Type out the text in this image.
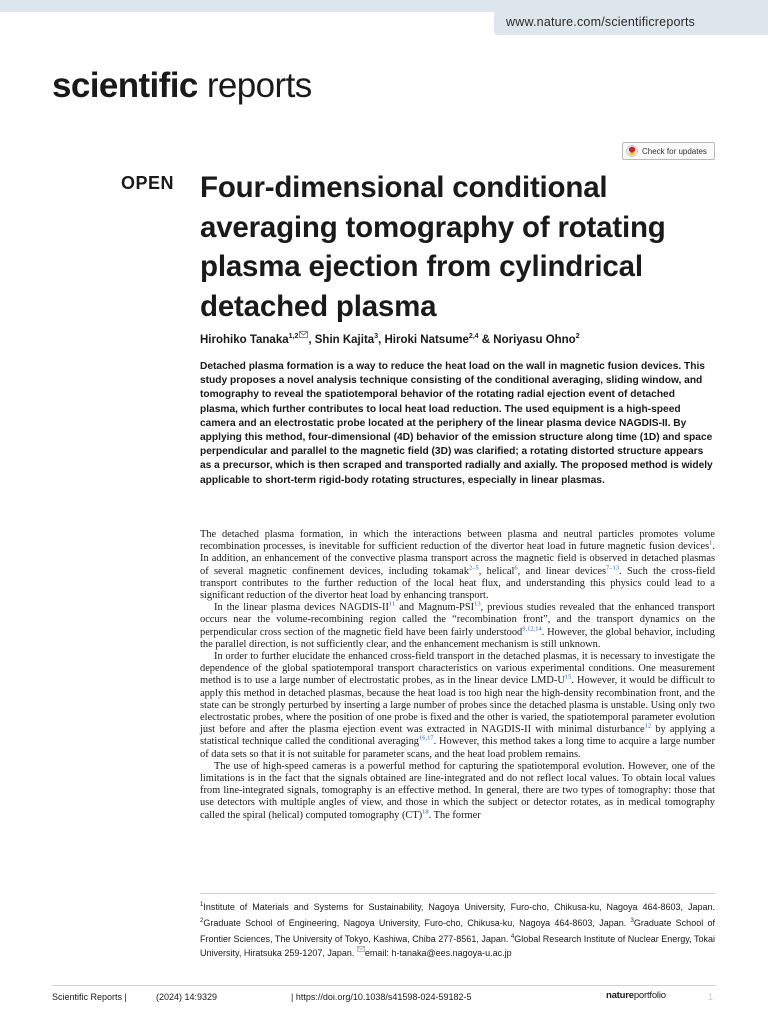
www.nature.com/scientificreports
scientific reports
Check for updates
OPEN Four-dimensional conditional averaging tomography of rotating plasma ejection from cylindrical detached plasma
Hirohiko Tanaka$^{1,2}$ , Shin Kajita$^3$, Hiroki Natsume$^{2,4}$ & Noriyasu Ohno$^2$

Detached plasma formation is a way to reduce the heat load on the wall in magnetic fusion devices. This study proposes a novel analysis technique consisting of the conditional averaging, sliding window, and tomography to reveal the spatiotemporal behavior of the rotating radial ejection event of detached plasma, which further contributes to local heat load reduction. The used equipment is a high-speed camera and an electrostatic probe located at the periphery of the linear plasma device NAGDIS-II. By applying this method, four-dimensional (4D) behavior of the emission structure along time (1D) and space perpendicular and parallel to the magnetic field (3D) was clarified; a rotating distorted structure appears as a precursor, which is then scraped and transported radially and axially. The proposed method is widely applicable to short-term rigid-body rotating structures, especially in linear plasmas.

The detached plasma formation, in which the interactions between plasma and neutral particles promotes volume recombination processes, is inevitable for sufficient reduction of the divertor heat load in future magnetic fusion devices$^1$. In addition, an enhancement of the convective plasma transport across the magnetic field is observed in detached plasmas of several magnetic confinement devices, including tokamak$^{2-5}$, helical$^6$, and linear devices$^{7-13}$. Such the cross-field transport contributes to the further reduction of the local heat flux, and understanding this physics could lead to a significant reduction of the divertor heat load by enhancing transport.

In the linear plasma devices NAGDIS-II$^{11}$ and Magnum-PSI$^{13}$, previous studies revealed that the enhanced transport occurs near the volume-recombining region called the “recombination front”, and the transport dynamics on the perpendicular cross section of the magnetic field have been fairly understood$^{9,12,14}$. However, the global behavior, including the parallel direction, is not sufficiently clear, and the enhancement mechanism is still unknown.

In order to further elucidate the enhanced cross-field transport in the detached plasmas, it is necessary to investigate the dependence of the global spatiotemporal transport characteristics on various experimental conditions. One measurement method is to use a large number of electrostatic probes, as in the linear device LMD-$U^{15}$. However, it would be difficult to apply this method in detached plasmas, because the heat load is too high near the high-density recombination front, and the state can be strongly perturbed by inserting a large number of probes since the detached plasma is unstable. Using only two electrostatic probes, where the position of one probe is fixed and the other is varied, the spatiotemporal parameter evolution just before and after the plasma ejection event was extracted in NAGDIS-II with minimal disturbance$^{12}$ by applying a statistical technique called the conditional averaging$^{16,17}$. However, this method takes a long time to acquire a large number of data sets so that it is not suitable for parameter scans, and the heat load problem remains.

The use of high-speed cameras is a powerful method for capturing the spatiotemporal evolution. However, one of the limitations is in the fact that the signals obtained are line-integrated and do not reflect local values. To obtain local values from line-integrated signals, tomography is an effective method. In general, there are two types of tomography: those that use detectors with multiple angles of view, and those in which the subject or detector rotates, as in medical tomography called the spiral (helical) computed tomography (CT)$^{18}$. The former

$^1$Institute of Materials and Systems for Sustainability, Nagoya University, Furo-cho, Chikusa-ku, Nagoya 464-8603, Japan. $^2$Graduate School of Engineering, Nagoya University, Furo-cho, Chikusa-ku, Nagoya 464-8603, Japan. $^3$Graduate School of Frontier Sciences, The University of Tokyo, Kashiwa, Chiba 277-8561, Japan. $^4$Global Research Institute of Nuclear Energy, Tokai University, Hiratsuka 259-1207, Japan. email: h-tanaka@ees.nagoya-u.ac.jp

Scientific Reports |	(2024) 14:9329	| https://doi.org/10.1038/s41598-024-59182-5	natureportfolio	1
